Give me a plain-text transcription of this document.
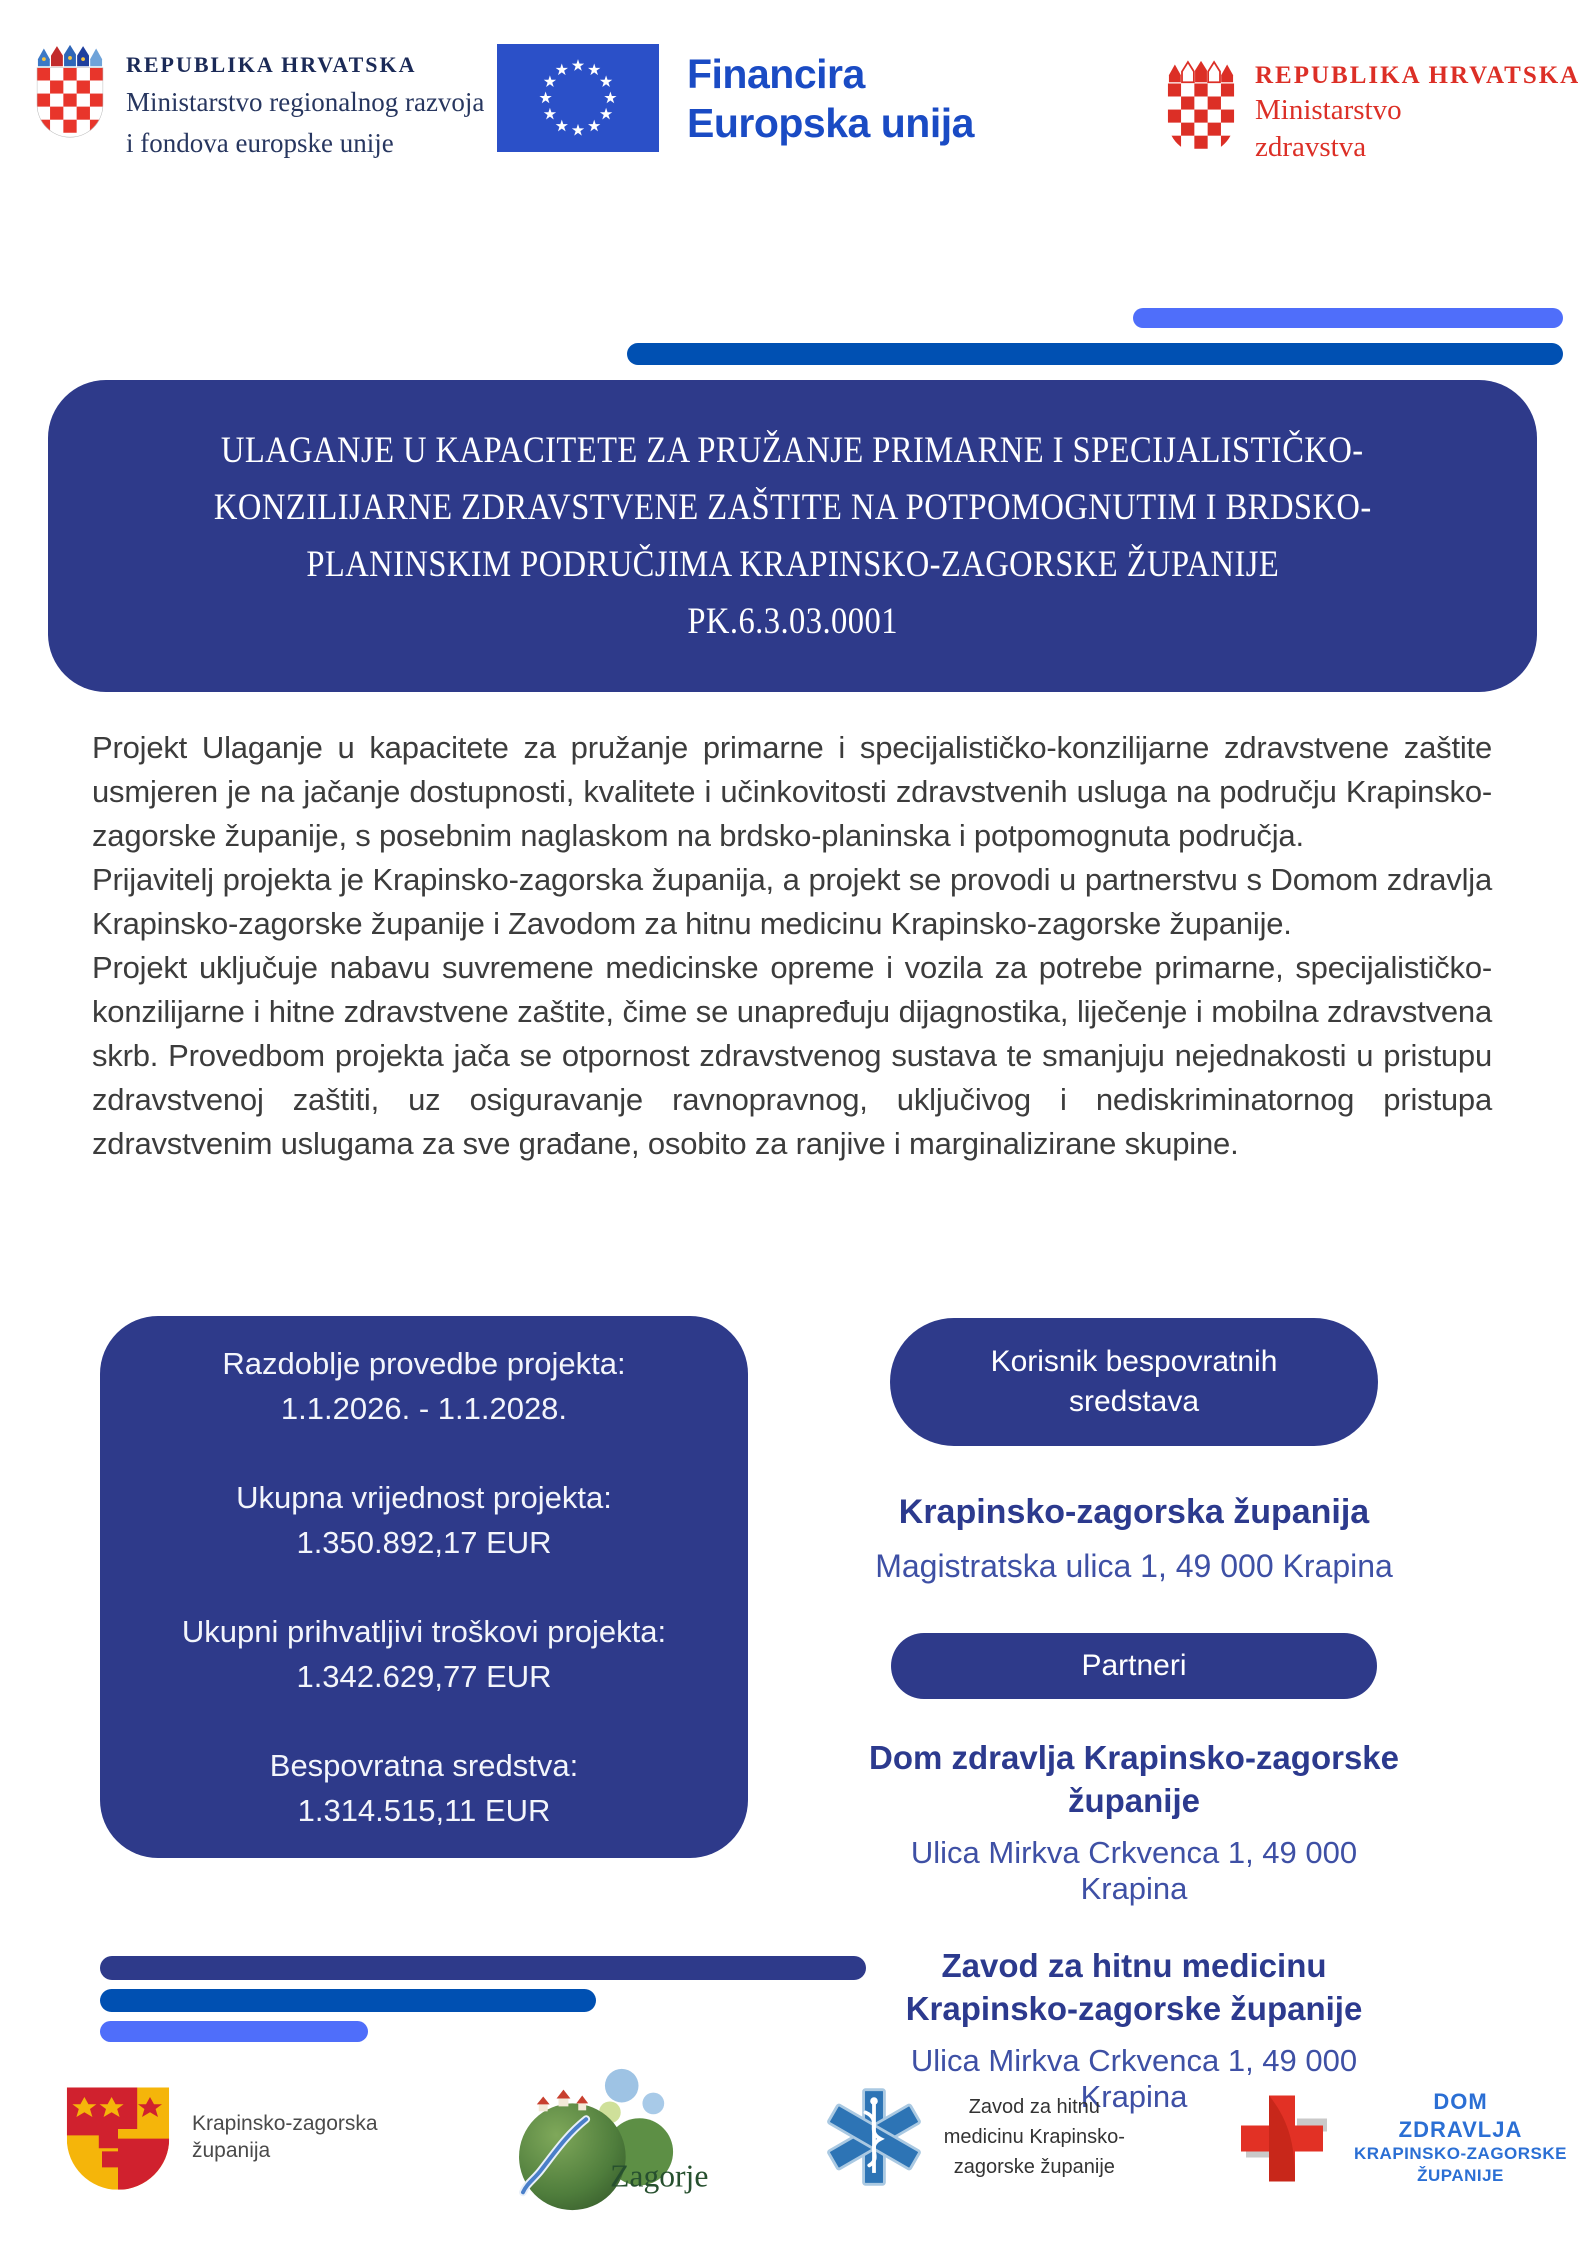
REPUBLIKA HRVATSKA
Ministarstvo regionalnog razvoja
i fondova europske unije
Financira
Europska unija
REPUBLIKA HRVATSKA
Ministarstvo
zdravstva
ULAGANJE U KAPACITETE ZA PRUŽANJE PRIMARNE I SPECIJALISTIČKO-
KONZILIJARNE ZDRAVSTVENE ZAŠTITE NA POTPOMOGNUTIM I BRDSKO-
PLANINSKIM PODRUČJIMA KRAPINSKO-ZAGORSKE ŽUPANIJE
PK.6.3.03.0001

Projekt Ulaganje u kapacitete za pružanje primarne i specijalističko-konzilijarne zdravstvene zaštite usmjeren je na jačanje dostupnosti, kvalitete i učinkovitosti zdravstvenih usluga na području Krapinsko-zagorske županije, s posebnim naglaskom na brdsko-planinska i potpomognuta područja.

Prijavitelj projekta je Krapinsko-zagorska županija, a projekt se provodi u partnerstvu s Domom zdravlja Krapinsko-zagorske županije i Zavodom za hitnu medicinu Krapinsko-zagorske županije.

Projekt uključuje nabavu suvremene medicinske opreme i vozila za potrebe primarne, specijalističko-konzilijarne i hitne zdravstvene zaštite, čime se unapređuju dijagnostika, liječenje i mobilna zdravstvena skrb. Provedbom projekta jača se otpornost zdravstvenog sustava te smanjuju nejednakosti u pristupu zdravstvenoj zaštiti, uz osiguravanje ravnopravnog, uključivog i nediskriminatornog pristupa zdravstvenim uslugama za sve građane, osobito za ranjive i marginalizirane skupine.

Razdoblje provedbe projekta:
1.1.2026. - 1.1.2028.
Ukupna vrijednost projekta:
1.350.892,17 EUR
Ukupni prihvatljivi troškovi projekta:
1.342.629,77 EUR
Bespovratna sredstva:
1.314.515,11 EUR
Korisnik bespovratnih sredstava
Krapinsko-zagorska županija
Magistratska ulica 1, 49 000 Krapina
Partneri
Dom zdravlja Krapinsko-zagorske županije
Ulica Mirkva Crkvenca 1, 49 000 Krapina
Zavod za hitnu medicinu Krapinsko-zagorske županije
Ulica Mirkva Crkvenca 1, 49 000 Krapina
Krapinsko-zagorska
županija
Zagorje
Zavod za hitnu
medicinu Krapinsko-
zagorske županije
DOM
ZDRAVLJA
KRAPINSKO-ZAGORSKE
ŽUPANIJE
